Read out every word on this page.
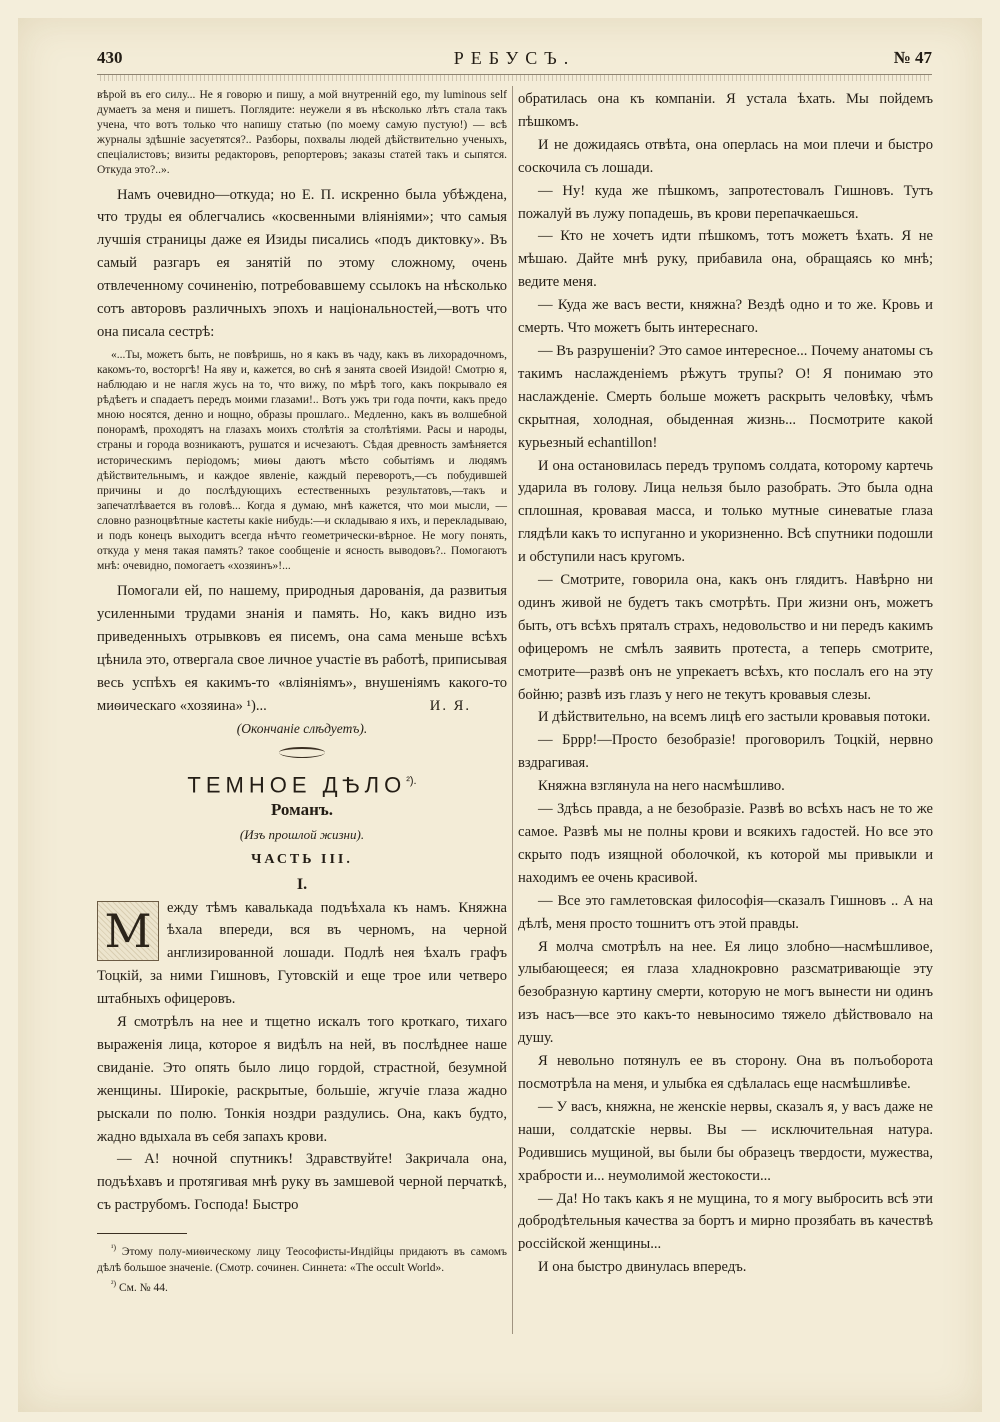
430	РЕБУСЪ.	№ 47

вѣрой въ его силу... Не я говорю и пишу, а мой внутренній ego, my luminous self думаетъ за меня и пишетъ. Поглядите: неужели я въ нѣсколько лѣтъ стала такъ учена, что вотъ только что напишу статью (по моему самую пустую!) — всѣ журналы здѣшніе засуетятся?.. Разборы, похвалы людей дѣйствительно ученыхъ, спеціалистовъ; визиты редакторовъ, репортеровъ; заказы статей такъ и сыпятся. Откуда это?..».

Намъ очевидно—откуда; но Е. П. искренно была убѣждена, что труды ея облегчались «косвенными вліяніями»; что самыя лучшія страницы даже ея Изиды писались «подъ диктовку». Въ самый разгаръ ея занятій по этому сложному, очень отвлеченному сочиненію, потребовавшему ссылокъ на нѣсколько сотъ авторовъ различныхъ эпохъ и національностей,—вотъ что она писала сестрѣ:

«...Ты, можетъ быть, не повѣришь, но я какъ въ чаду, какъ въ лихорадочномъ, какомъ-то, восторгѣ! На яву и, кажется, во снѣ я занята своей Изидой! Смотрю я, наблюдаю и не нагля жусь на то, что вижу, по мѣрѣ того, какъ покрывало ея рѣдѣетъ и спадаетъ передъ моими глазами!.. Вотъ ужъ три года почти, какъ предо мною носятся, денно и нощно, образы прошлаго.. Медленно, какъ въ волшебной понорамѣ, проходятъ на глазахъ моихъ столѣтія за столѣтіями. Расы и народы, страны и города возникаютъ, рушатся и исчезаютъ. Сѣдая древность замѣняется историческимъ періодомъ; миѳы даютъ мѣсто событіямъ и людямъ дѣйствительнымъ, и каждое явленіе, каждый переворотъ,—съ побудившей причины и до послѣдующихъ естественныхъ результатовъ,—такъ и запечатлѣвается въ головѣ... Когда я думаю, мнѣ кажется, что мои мысли, — словно разноцвѣтные кастеты какіе нибудь:—и складываю я ихъ, и перекладываю, и подъ конецъ выходитъ всегда нѣчто геометрически-вѣрное. Не могу понять, откуда у меня такая память? такое сообщеніе и ясность выводовъ?.. Помогаютъ мнѣ: очевидно, помогаетъ «хозяинъ»!...

Помогали ей, по нашему, природныя дарованія, да развитыя усиленными трудами знанія и память. Но, какъ видно изъ приведенныхъ отрывковъ ея писемъ, она сама меньше всѣхъ цѣнила это, отвергала свое личное участіе въ работѣ, приписывая весь успѣхъ ея какимъ-то «вліяніямъ», внушеніямъ какого-то миѳическаго «хозяина» ¹)...	И. Я.

(Окончаніе слѣдуетъ).

ТЕМНОЕ $ДѢЛО^{^2).}$
Романъ.
(Изъ прошлой жизни).
ЧАСТЬ III.
I.
М	ежду тѣмъ кавалькада подъѣхала къ намъ. Княжна ѣхала впереди, вся въ черномъ, на черной англизированной лошади. Подлѣ нея ѣхалъ графъ Тоцкій, за ними Гишновъ, Гутовскій и еще трое или четверо штабныхъ офицеровъ.

Я смотрѣлъ на нее и тщетно искалъ того кроткаго, тихаго выраженія лица, которое я видѣлъ на ней, въ послѣднее наше свиданіе. Это опять было лицо гордой, страстной, безумной женщины. Широкіе, раскрытые, большіе, жгучіе глаза жадно рыскали по полю. Тонкія ноздри раздулись. Она, какъ будто, жадно вдыхала въ себя запахъ крови.

— А! ночной спутникъ! Здравствуйте! Закричала она, подъѣхавъ и протягивая мнѣ руку въ замшевой черной перчаткѣ, съ раструбомъ. Господа! Быстро

$^{^1)}$ Этому полу-миѳическому лицу Теософисты-Индійцы придаютъ въ самомъ дѣлѣ большое значеніе. (Смотр. сочинен. Синнета: «The occult World».

$^{^2)}$ См. № 44.

обратилась она къ компаніи. Я устала ѣхать. Мы пойдемъ пѣшкомъ.

И не дожидаясь отвѣта, она оперлась на мои плечи и быстро соскочила съ лошади.

— Ну! куда же пѣшкомъ, запротестовалъ Гишновъ. Тутъ пожалуй въ лужу попадешь, въ крови перепачкаешься.

— Кто не хочетъ идти пѣшкомъ, тотъ можетъ ѣхать. Я не мѣшаю. Дайте мнѣ руку, прибавила она, обращаясь ко мнѣ; ведите меня.

— Куда же васъ вести, княжна? Вездѣ одно и то же. Кровь и смерть. Что можетъ быть интереснаго.

— Въ разрушеніи? Это самое интересное... Почему анатомы съ такимъ наслажденіемъ рѣжутъ трупы? О! Я понимаю это наслажденіе. Смерть больше можетъ раскрыть человѣку, чѣмъ скрытная, холодная, обыденная жизнь... Посмотрите какой курьезный echantillon!

И она остановилась передъ трупомъ солдата, которому картечь ударила въ голову. Лица нельзя было разобрать. Это была одна сплошная, кровавая масса, и только мутные синеватые глаза глядѣли какъ то испуганно и укоризненно. Всѣ спутники подошли и обступили насъ кругомъ.

— Смотрите, говорила она, какъ онъ глядитъ. Навѣрно ни одинъ живой не будетъ такъ смотрѣть. При жизни онъ, можетъ быть, отъ всѣхъ пряталъ страхъ, недовольство и ни передъ какимъ офицеромъ не смѣлъ заявить протеста, а теперь смотрите, смотрите—развѣ онъ не упрекаетъ всѣхъ, кто послалъ его на эту бойню; развѣ изъ глазъ у него не текутъ кровавыя слезы.

И дѣйствительно, на всемъ лицѣ его застыли кровавыя потоки.

— Бррр!—Просто безобразіе! проговорилъ Тоцкій, нервно вздрагивая.

Княжна взглянула на него насмѣшливо.

— Здѣсь правда, а не безобразіе. Развѣ во всѣхъ насъ не то же самое. Развѣ мы не полны крови и всякихъ гадостей. Но все это скрыто подъ изящной оболочкой, къ которой мы привыкли и находимъ ее очень красивой.

— Все это гамлетовская философія—сказалъ Гишновъ .. А на дѣлѣ, меня просто тошнитъ отъ этой правды.

Я молча смотрѣлъ на нее. Ея лицо злобно—насмѣшливое, улыбающееся; ея глаза хладнокровно разсматривающіе эту безобразную картину смерти, которую не могъ вынести ни одинъ изъ насъ—все это какъ-то невыносимо тяжело дѣйствовало на душу.

Я невольно потянулъ ее въ сторону. Она въ полъоборота посмотрѣла на меня, и улыбка ея сдѣлалась еще насмѣшливѣе.

— У васъ, княжна, не женскіе нервы, сказалъ я, у васъ даже не наши, солдатскіе нервы. Вы — исключительная натура. Родившись мущиной, вы были бы образецъ твердости, мужества, храбрости и... неумолимой жестокости...

— Да! Но такъ какъ я не мущина, то я могу выбросить всѣ эти добродѣтельныя качества за бортъ и мирно прозябать въ качествѣ россійской женщины...

И она быстро двинулась впередъ.
